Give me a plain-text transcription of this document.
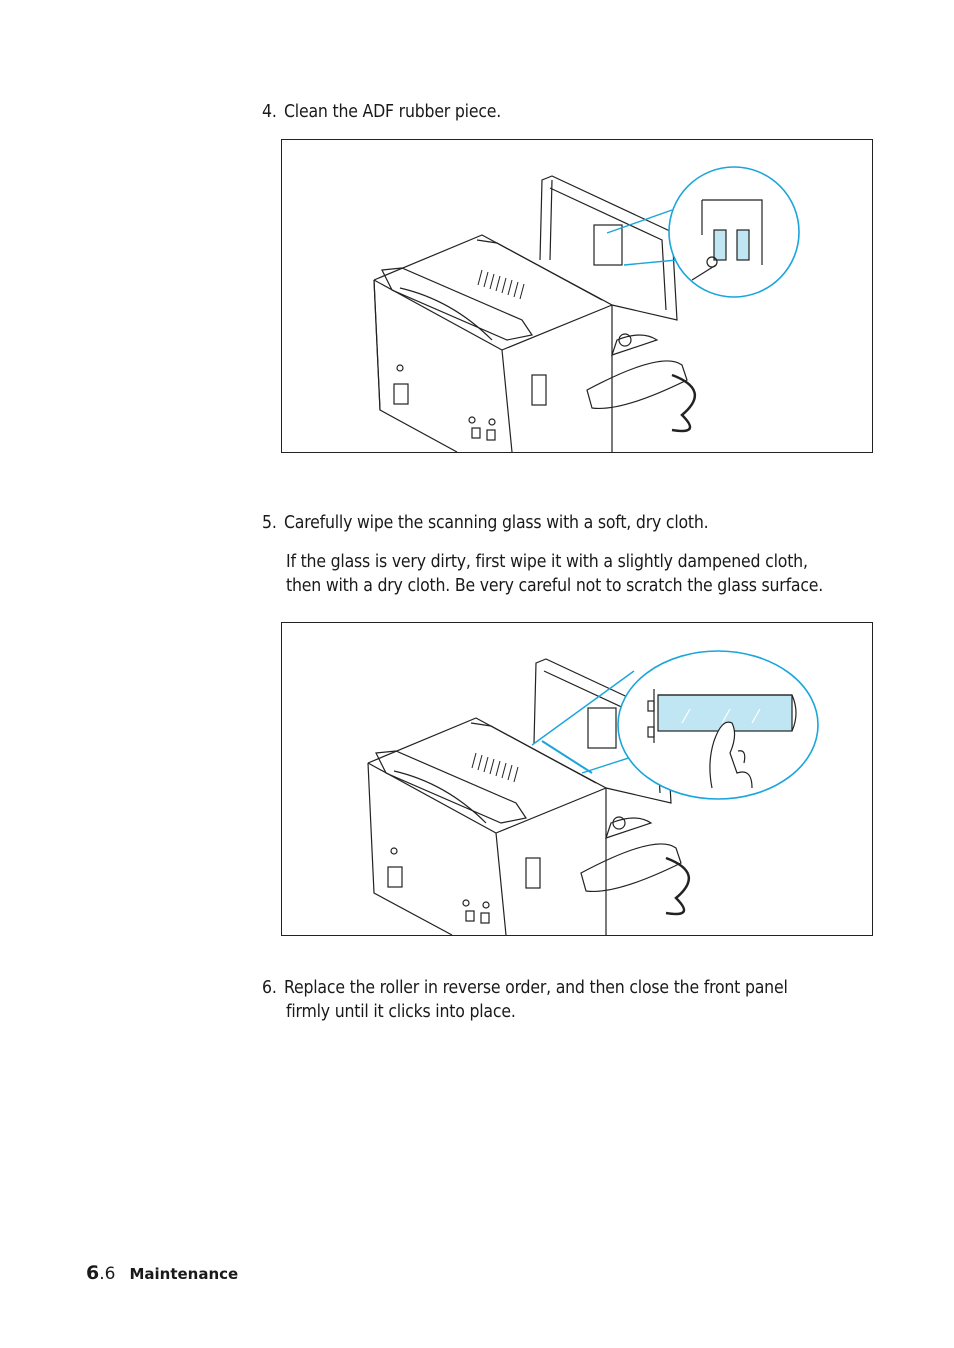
4. Clean the ADF rubber piece.
5. Carefully wipe the scanning glass with a soft, dry cloth.
If the glass is very dirty, first wipe it with a slightly dampened cloth,
then with a dry cloth. Be very careful not to scratch the glass surface.
6. Replace the roller in reverse order, and then close the front panel
firmly until it clicks into place.
6 .6 Maintenance
